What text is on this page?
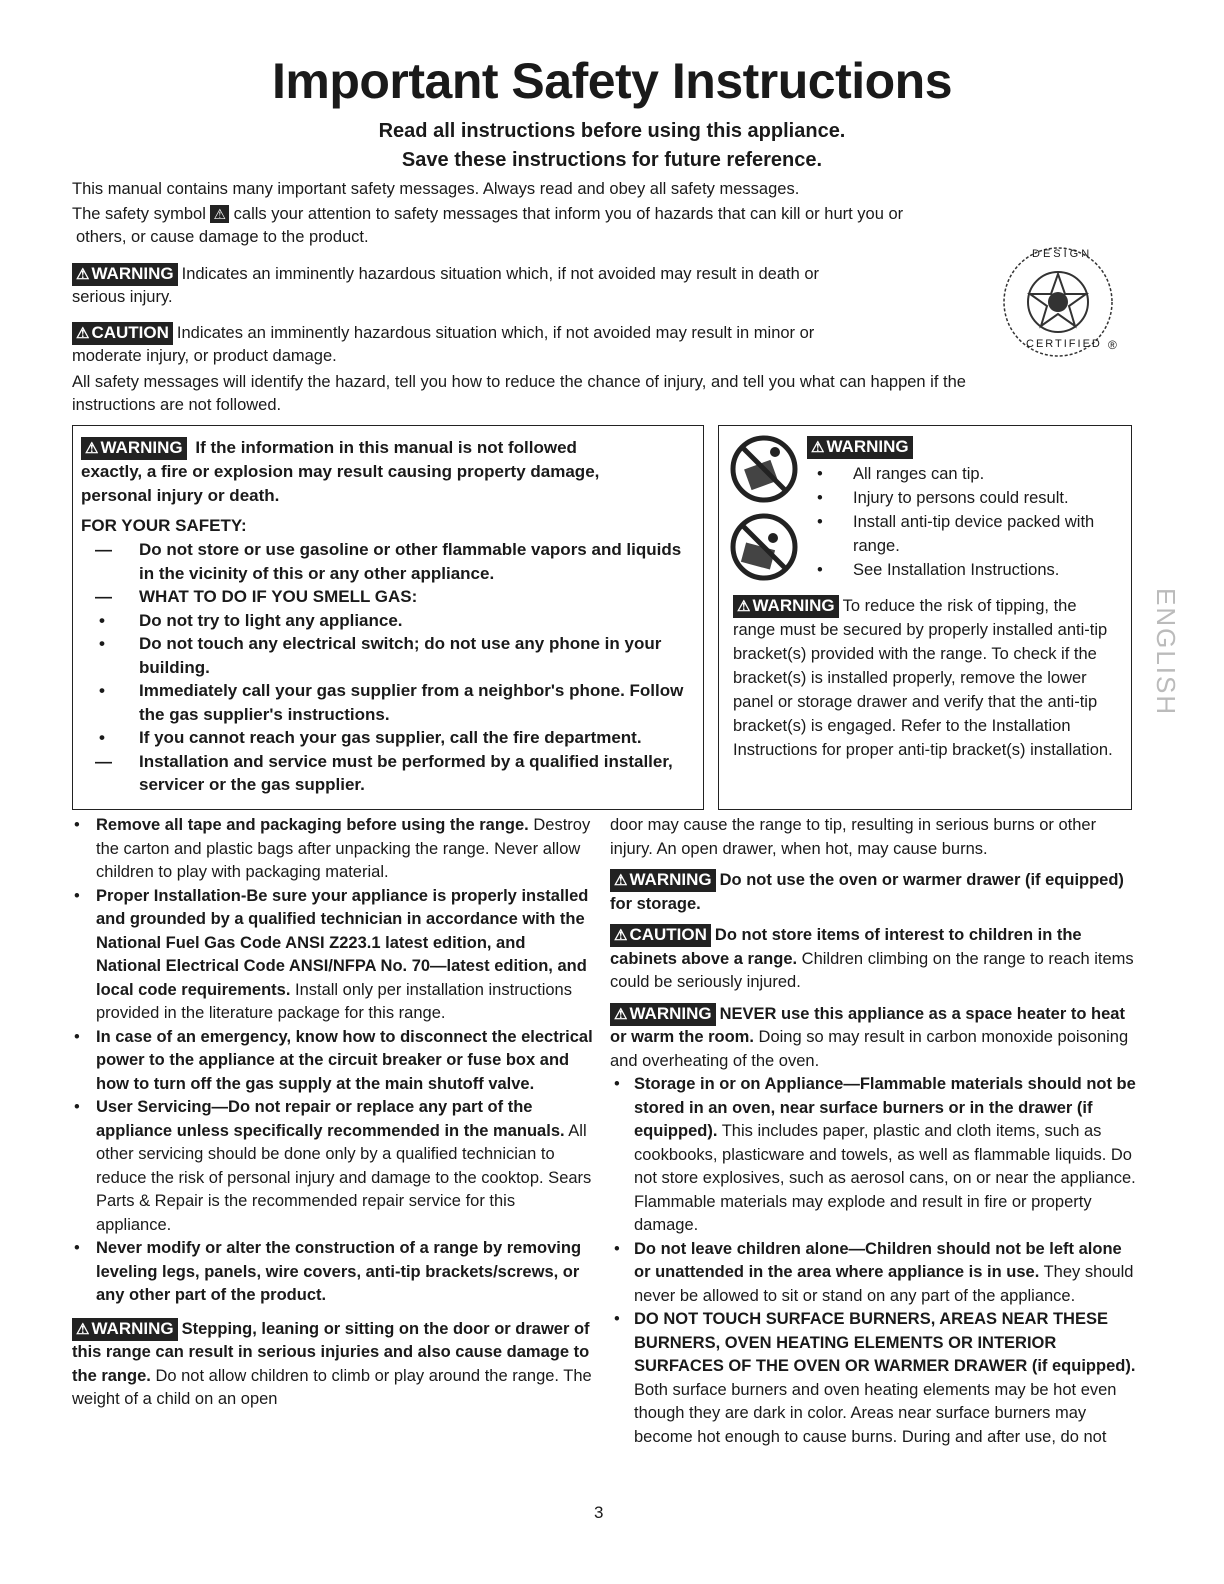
Important Safety Instructions
Read all instructions before using this appliance.
Save these instructions for future reference.
This manual contains many important safety messages. Always read and obey all safety messages.
The safety symbol ⚠ calls your attention to safety messages that inform you of hazards that can kill or hurt you or
others, or cause damage to the product.
⚠ WARNING Indicates an imminently hazardous situation which, if not avoided may result in death or
serious injury.
⚠ CAUTION Indicates an imminently hazardous situation which, if not avoided may result in minor or
moderate injury, or product damage.
DESIGN
CERTIFIED ®
All safety messages will identify the hazard, tell you how to reduce the chance of injury, and tell you what can happen if the
instructions are not followed.
⚠ WARNING If the information in this manual is not followed
exactly, a fire or explosion may result causing property damage,
personal injury or death.
FOR YOUR SAFETY:
— Do not store or use gasoline or other flammable vapors and liquids in the vicinity of this or any other appliance.
— WHAT TO DO IF YOU SMELL GAS:
• Do not try to light any appliance.
• Do not touch any electrical switch; do not use any phone in your building.
• Immediately call your gas supplier from a neighbor's phone. Follow the gas supplier's instructions.
• If you cannot reach your gas supplier, call the fire department.
— Installation and service must be performed by a qualified installer, servicer or the gas supplier.
⚠ WARNING
• All ranges can tip.
• Injury to persons could result.
• Install anti-tip device packed with range.
• See Installation Instructions.
⚠ WARNING To reduce the risk of tipping, the range must be secured by properly installed anti-tip bracket(s) provided with the range. To check if the bracket(s) is installed properly, remove the lower panel or storage drawer and verify that the anti-tip bracket(s) is engaged. Refer to the Installation Instructions for proper anti-tip bracket(s) installation.
ENGLISH
• Remove all tape and packaging before using the range. Destroy the carton and plastic bags after unpacking the range. Never allow children to play with packaging material.
• Proper Installation-Be sure your appliance is properly installed and grounded by a qualified technician in accordance with the National Fuel Gas Code ANSI Z223.1 latest edition, and National Electrical Code ANSI/NFPA No. 70—latest edition, and local code requirements. Install only per installation instructions provided in the literature package for this range.
• In case of an emergency, know how to disconnect the electrical power to the appliance at the circuit breaker or fuse box and how to turn off the gas supply at the main shutoff valve.
• User Servicing—Do not repair or replace any part of the appliance unless specifically recommended in the manuals. All other servicing should be done only by a qualified technician to reduce the risk of personal injury and damage to the cooktop. Sears Parts & Repair is the recommended repair service for this appliance.
• Never modify or alter the construction of a range by removing leveling legs, panels, wire covers, anti-tip brackets/screws, or any other part of the product.
⚠ WARNING Stepping, leaning or sitting on the door or drawer of this range can result in serious injuries and also cause damage to the range. Do not allow children to climb or play around the range. The weight of a child on an open
door may cause the range to tip, resulting in serious burns or other injury. An open drawer, when hot, may cause burns.
⚠ WARNING Do not use the oven or warmer drawer (if equipped) for storage.
⚠ CAUTION Do not store items of interest to children in the cabinets above a range. Children climbing on the range to reach items could be seriously injured.
⚠ WARNING NEVER use this appliance as a space heater to heat or warm the room. Doing so may result in carbon monoxide poisoning and overheating of the oven.
• Storage in or on Appliance—Flammable materials should not be stored in an oven, near surface burners or in the drawer (if equipped). This includes paper, plastic and cloth items, such as cookbooks, plasticware and towels, as well as flammable liquids. Do not store explosives, such as aerosol cans, on or near the appliance. Flammable materials may explode and result in fire or property damage.
• Do not leave children alone—Children should not be left alone or unattended in the area where appliance is in use. They should never be allowed to sit or stand on any part of the appliance.
• DO NOT TOUCH SURFACE BURNERS, AREAS NEAR THESE BURNERS, OVEN HEATING ELEMENTS OR INTERIOR SURFACES OF THE OVEN OR WARMER DRAWER (if equipped). Both surface burners and oven heating elements may be hot even though they are dark in color. Areas near surface burners may become hot enough to cause burns. During and after use, do not
3
